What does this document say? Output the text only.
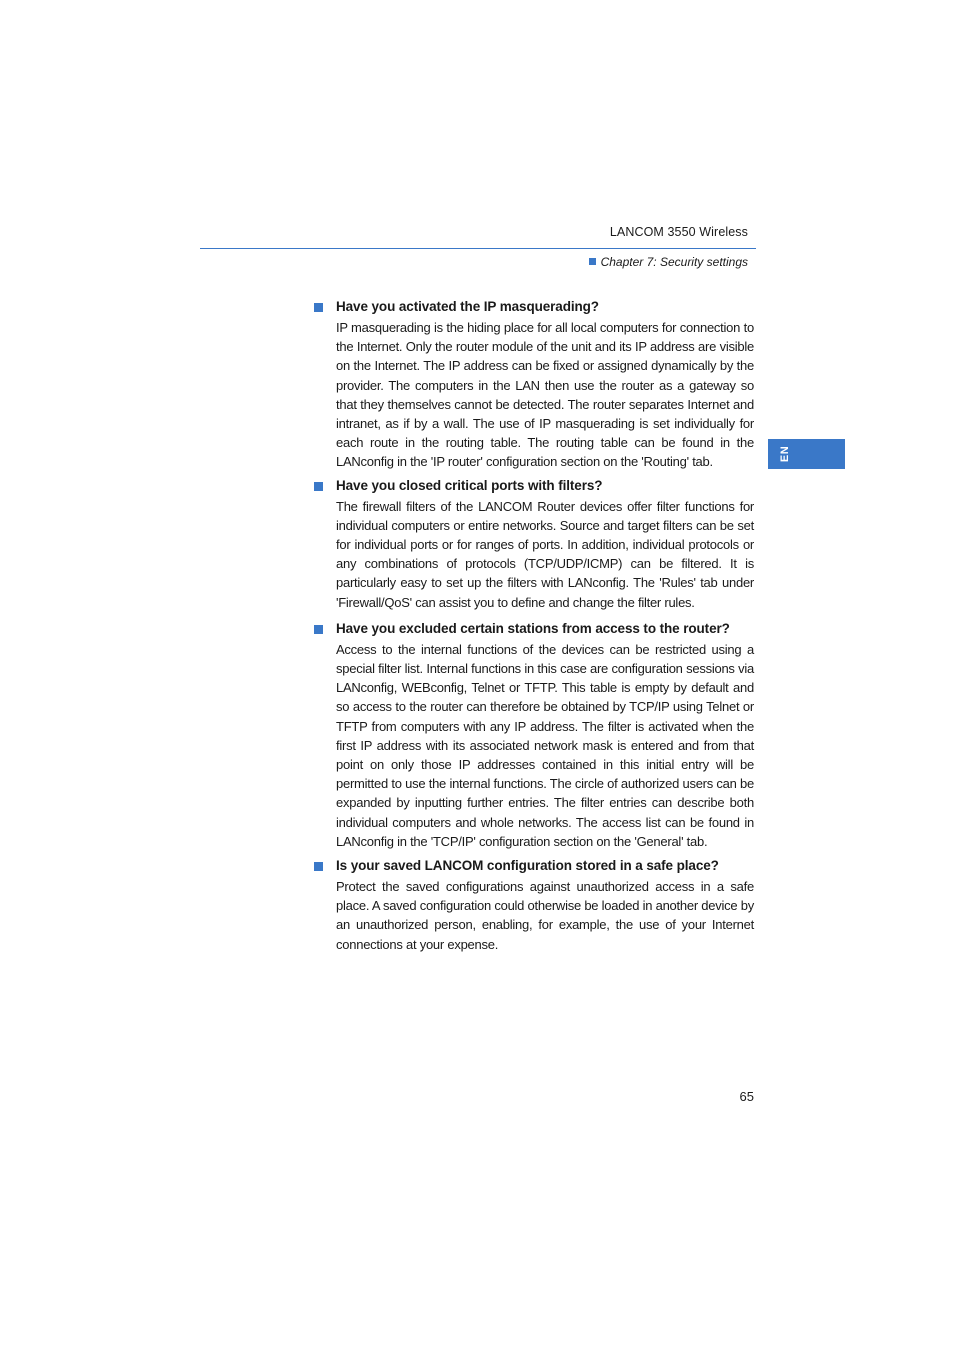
LANCOM 3550 Wireless
Chapter 7: Security settings
EN
Have you activated the IP masquerading?

IP masquerading is the hiding place for all local computers for connection to the Internet. Only the router module of the unit and its IP address are visible on the Internet. The IP address can be fixed or assigned dynamically by the provider. The computers in the LAN then use the router as a gateway so that they themselves cannot be detected. The router separates Internet and intranet, as if by a wall. The use of IP masquerading is set individually for each route in the routing table. The routing table can be found in the LANconfig in the 'IP router' configuration section on the 'Routing' tab.

Have you closed critical ports with filters?

The firewall filters of the LANCOM Router devices offer filter functions for individual computers or entire networks. Source and target filters can be set for individual ports or for ranges of ports. In addition, individual protocols or any combinations of protocols (TCP/UDP/ICMP) can be filtered. It is particularly easy to set up the filters with LANconfig. The 'Rules' tab under 'Firewall/QoS' can assist you to define and change the filter rules.

Have you excluded certain stations from access to the router?

Access to the internal functions of the devices can be restricted using a special filter list. Internal functions in this case are configuration sessions via LANconfig, WEBconfig, Telnet or TFTP. This table is empty by default and so access to the router can therefore be obtained by TCP/IP using Telnet or TFTP from computers with any IP address. The filter is activated when the first IP address with its associated network mask is entered and from that point on only those IP addresses contained in this initial entry will be permitted to use the internal functions. The circle of authorized users can be expanded by inputting further entries. The filter entries can describe both individual computers and whole networks. The access list can be found in LANconfig in the 'TCP/IP' configuration section on the 'General' tab.

Is your saved LANCOM configuration stored in a safe place?

Protect the saved configurations against unauthorized access in a safe place. A saved configuration could otherwise be loaded in another device by an unauthorized person, enabling, for example, the use of your Internet connections at your expense.

65
